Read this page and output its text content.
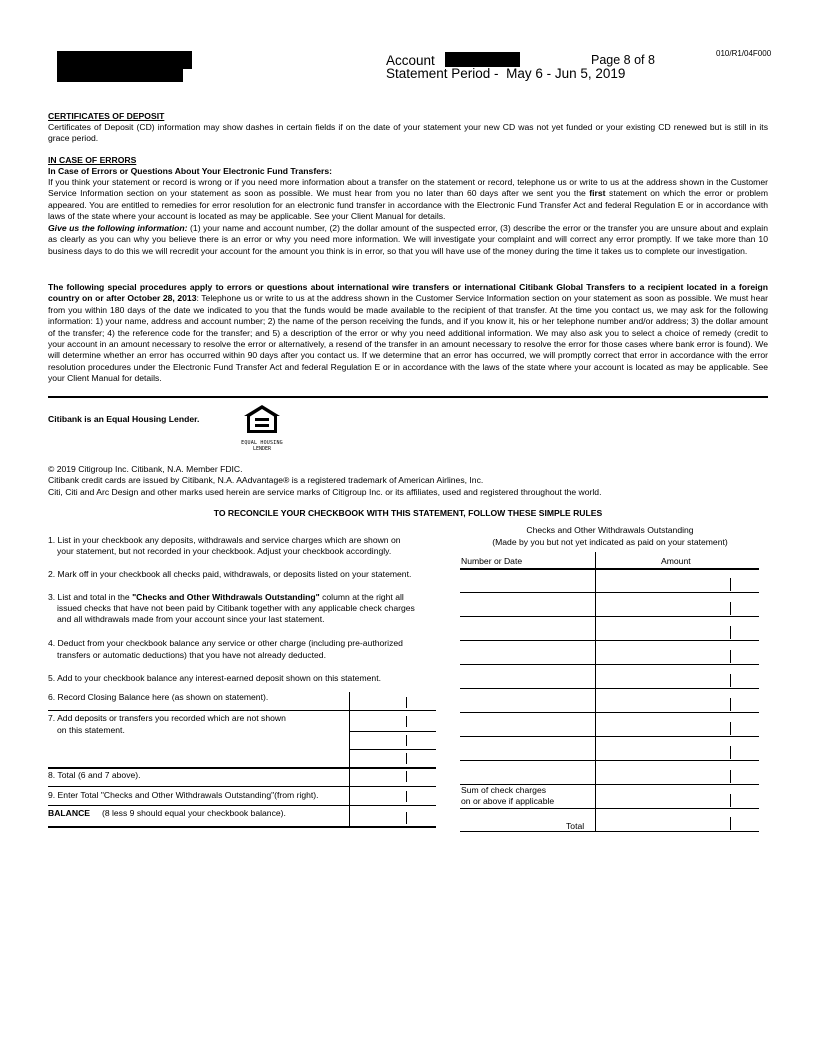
010/R1/04F000
Account	Page 8 of 8
Statement Period - May 6 - Jun 5, 2019
CERTIFICATES OF DEPOSIT
Certificates of Deposit (CD) information may show dashes in certain fields if on the date of your statement your new CD was not yet funded or your existing CD renewed but is still in its grace period.
IN CASE OF ERRORS
In Case of Errors or Questions About Your Electronic Fund Transfers:
If you think your statement or record is wrong or if you need more information about a transfer on the statement or record, telephone us or write to us at the address shown in the Customer Service Information section on your statement as soon as possible. We must hear from you no later than 60 days after we sent you the first statement on which the error or problem appeared. You are entitled to remedies for error resolution for an electronic fund transfer in accordance with the Electronic Fund Transfer Act and federal Regulation E or in accordance with laws of the state where your account is located as may be applicable. See your Client Manual for details.
Give us the following information: (1) your name and account number, (2) the dollar amount of the suspected error, (3) describe the error or the transfer you are unsure about and explain as clearly as you can why you believe there is an error or why you need more information. We will investigate your complaint and will correct any error promptly. If we take more than 10 business days to do this we will recredit your account for the amount you think is in error, so that you will have use of the money during the time it takes us to complete our investigation.
The following special procedures apply to errors or questions about international wire transfers or international Citibank Global Transfers to a recipient located in a foreign country on or after October 28, 2013: Telephone us or write to us at the address shown in the Customer Service Information section on your statement as soon as possible. We must hear from you within 180 days of the date we indicated to you that the funds would be made available to the recipient of that transfer. At the time you contact us, we may ask for the following information: 1) your name, address and account number; 2) the name of the person receiving the funds, and if you know it, his or her telephone number and/or address; 3) the dollar amount of the transfer; 4) the reference code for the transfer; and 5) a description of the error or why you need additional information. We may also ask you to select a choice of remedy (credit to your account in an amount necessary to resolve the error or alternatively, a resend of the transfer in an amount necessary to resolve the error for those cases where bank error is found). We will determine whether an error has occurred within 90 days after you contact us. If we determine that an error has occurred, we will promptly correct that error in accordance with the error resolution procedures under the Electronic Fund Transfer Act and federal Regulation E or in accordance with the laws of the state where your account is located as may be applicable. See your Client Manual for details.
Citibank is an Equal Housing Lender.
EQUAL HOUSING
LENDER
© 2019 Citigroup Inc. Citibank, N.A. Member FDIC.
Citibank credit cards are issued by Citibank, N.A. AAdvantage® is a registered trademark of American Airlines, Inc.
Citi, Citi and Arc Design and other marks used herein are service marks of Citigroup Inc. or its affiliates, used and registered throughout the world.
TO RECONCILE YOUR CHECKBOOK WITH THIS STATEMENT, FOLLOW THESE SIMPLE RULES
1. List in your checkbook any deposits, withdrawals and service charges which are shown on
your statement, but not recorded in your checkbook. Adjust your checkbook accordingly.
2. Mark off in your checkbook all checks paid, withdrawals, or deposits listed on your statement.
3. List and total in the "Checks and Other Withdrawals Outstanding" column at the right all
issued checks that have not been paid by Citibank together with any applicable check charges
and all withdrawals made from your account since your last statement.
4. Deduct from your checkbook balance any service or other charge (including pre-authorized
transfers or automatic deductions) that you have not already deducted.
5. Add to your checkbook balance any interest-earned deposit shown on this statement.
6. Record Closing Balance here (as shown on statement).
7. Add deposits or transfers you recorded which are not shown
on this statement.
8. Total (6 and 7 above).
9. Enter Total "Checks and Other Withdrawals Outstanding"(from right).
BALANCE (8 less 9 should equal your checkbook balance).
Checks and Other Withdrawals Outstanding
(Made by you but not yet indicated as paid on your statement)
Number or Date	Amount
Sum of check charges
on or above if applicable
Total
